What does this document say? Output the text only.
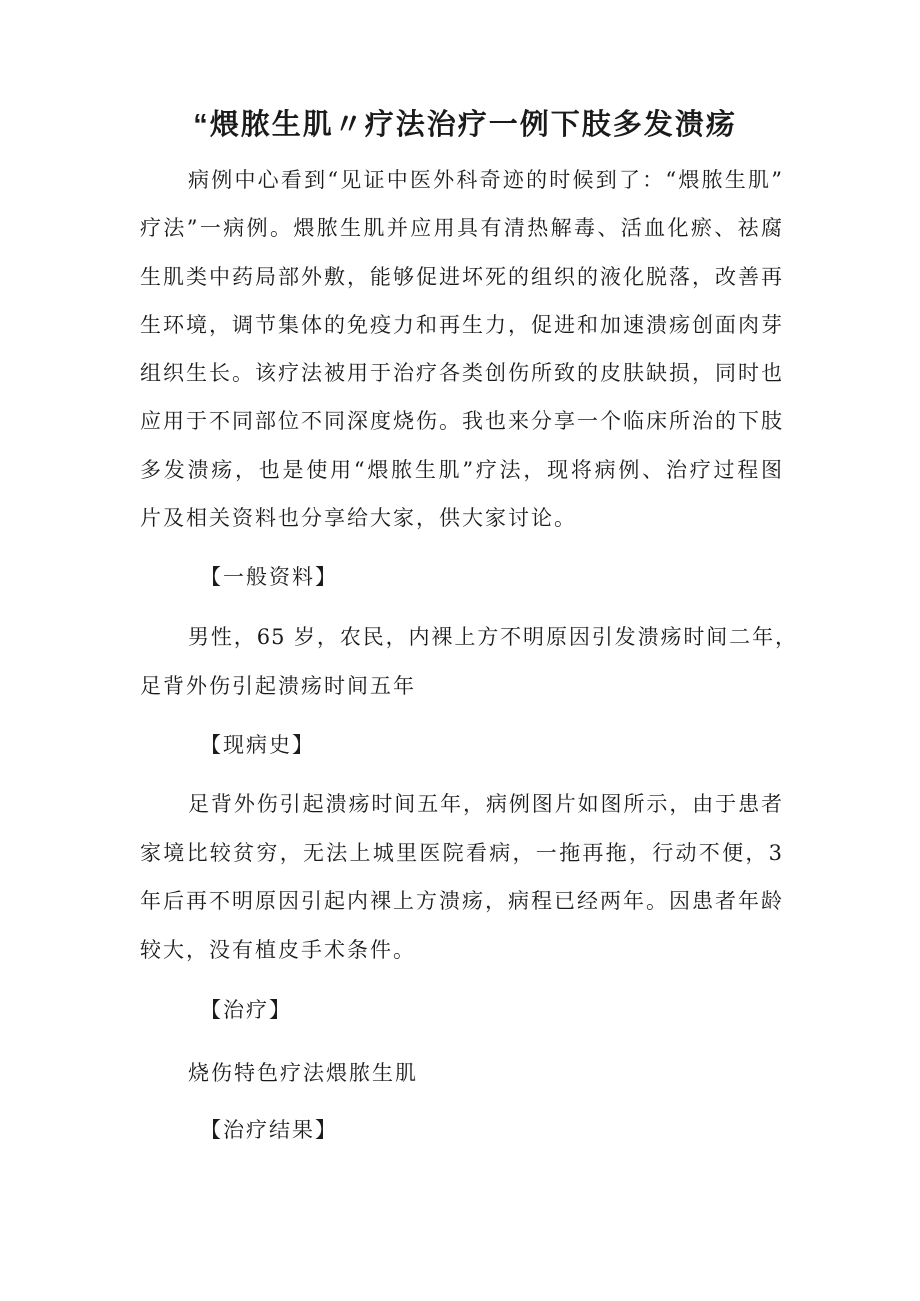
“煨脓生肌〃疗法治疗一例下肢多发溃疡
病例中心看到“见证中医外科奇迹的时候到了：“煨脓生肌”
疗法”一病例。煨脓生肌并应用具有清热解毒、活血化瘀、祛腐
生肌类中药局部外敷，能够促进坏死的组织的液化脱落，改善再
生环境，调节集体的免疫力和再生力，促进和加速溃疡创面肉芽
组织生长。该疗法被用于治疗各类创伤所致的皮肤缺损，同时也
应用于不同部位不同深度烧伤。我也来分享一个临床所治的下肢
多发溃疡，也是使用“煨脓生肌”疗法，现将病例、治疗过程图
片及相关资料也分享给大家，供大家讨论。
【一般资料】
男性，65 岁，农民，内裸上方不明原因引发溃疡时间二年，
足背外伤引起溃疡时间五年
【现病史】
足背外伤引起溃疡时间五年，病例图片如图所示，由于患者
家境比较贫穷，无法上城里医院看病，一拖再拖，行动不便，3
年后再不明原因引起内裸上方溃疡，病程已经两年。因患者年龄
较大，没有植皮手术条件。
【治疗】
烧伤特色疗法煨脓生肌
【治疗结果】
